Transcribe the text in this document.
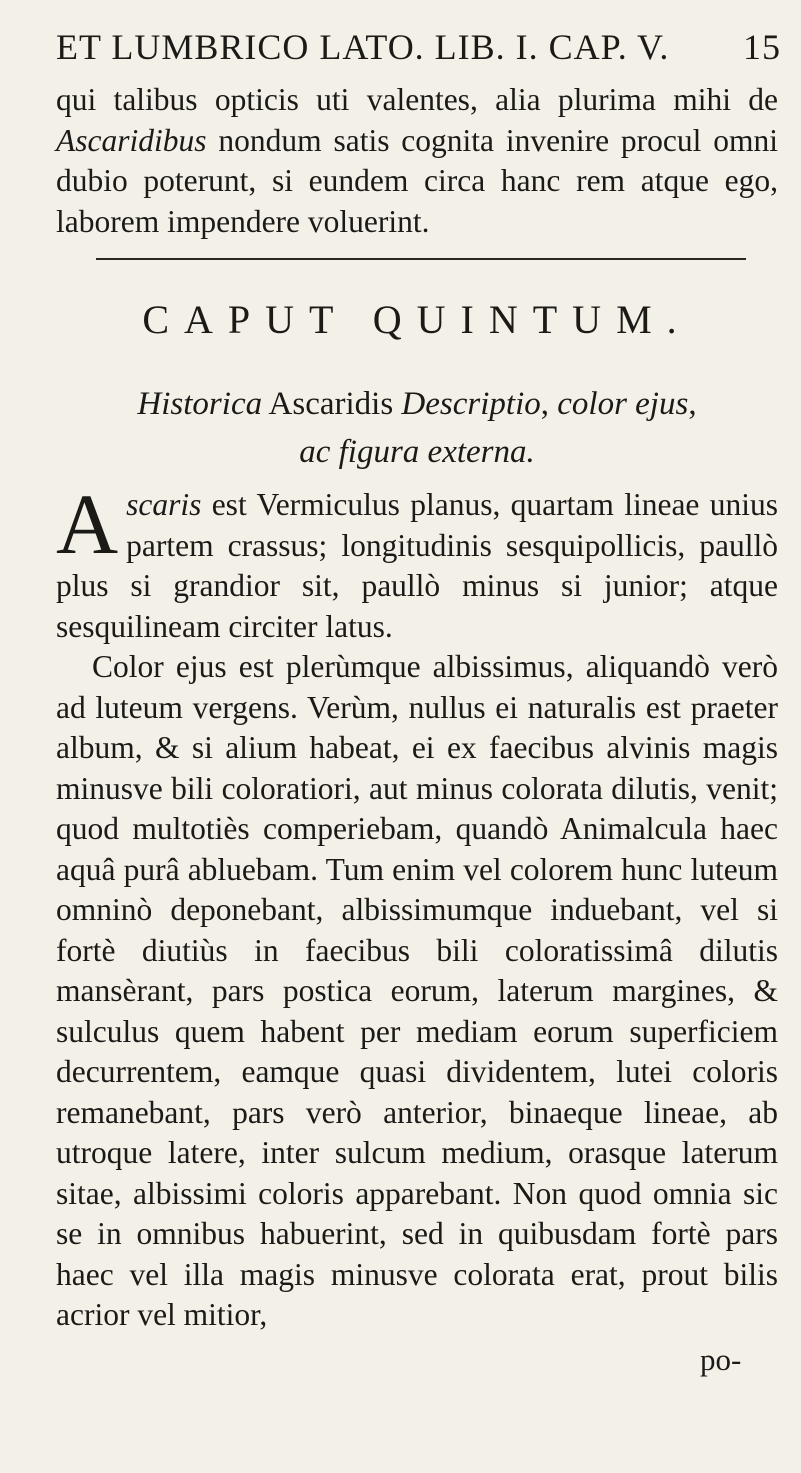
ET LUMBRICO LATO. LIB. I. CAP. V. 15

qui talibus opticis uti valentes, alia plurima mihi de Ascaridibus nondum satis cognita invenire procul omni dubio poterunt, si eundem circa hanc rem atque ego, laborem impendere voluerint.

CAPUT QUINTUM.
Historica Ascaridis Descriptio, color ejus,
ac figura externa.

Ascaris est Vermiculus planus, quartam lineae unius partem crassus; longitudinis sesquipollicis, paullò plus si grandior sit, paullò minus si junior; atque sesquilineam circiter latus.

Color ejus est plerùmque albissimus, aliquandò verò ad luteum vergens. Verùm, nullus ei naturalis est praeter album, & si alium habeat, ei ex faecibus alvinis magis minusve bili coloratiori, aut minus colorata dilutis, venit; quod multotiès comperiebam, quandò Animalcula haec aquâ purâ abluebam. Tum enim vel colorem hunc luteum omninò deponebant, albissimumque induebant, vel si fortè diutiùs in faecibus bili coloratissimâ dilutis mansèrant, pars postica eorum, laterum margines, & sulculus quem habent per mediam eorum superficiem decurrentem, eamque quasi dividentem, lutei coloris remanebant, pars verò anterior, binaeque lineae, ab utroque latere, inter sulcum medium, orasque laterum sitae, albissimi coloris apparebant. Non quod omnia sic se in omnibus habuerint, sed in quibusdam fortè pars haec vel illa magis minusve colorata erat, prout bilis acrior vel mitior,

po-
